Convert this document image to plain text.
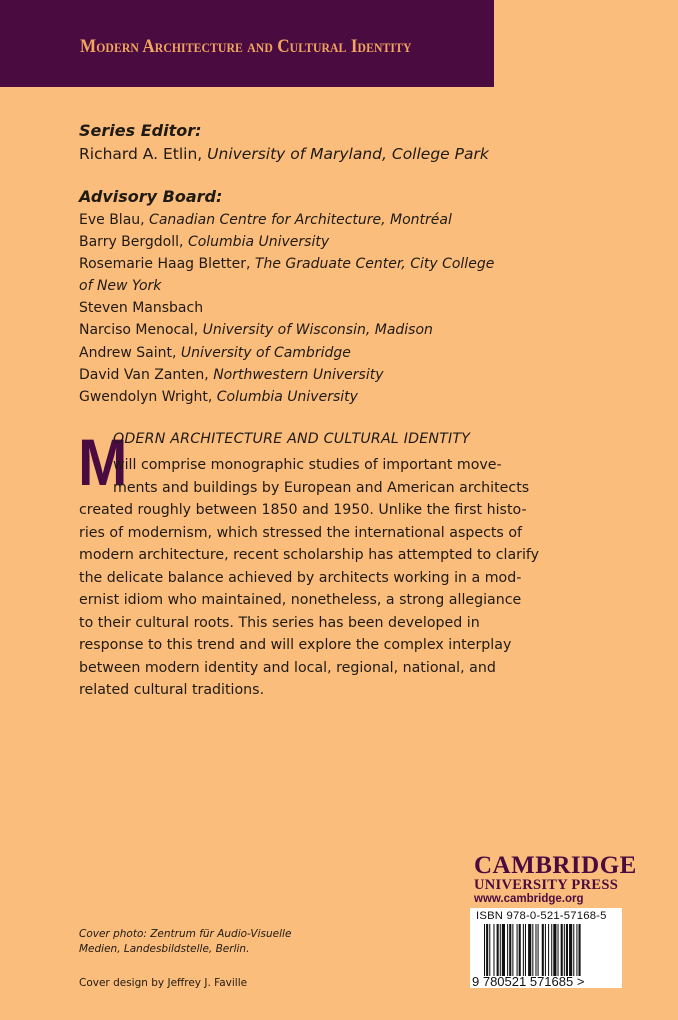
Modern Architecture and Cultural Identity
Series Editor:
Richard A. Etlin, University of Maryland, College Park
Advisory Board:
Eve Blau, Canadian Centre for Architecture, Montréal
Barry Bergdoll, Columbia University
Rosemarie Haag Bletter, The Graduate Center, City College
of New York
Steven Mansbach
Narciso Menocal, University of Wisconsin, Madison
Andrew Saint, University of Cambridge
David Van Zanten, Northwestern University
Gwendolyn Wright, Columbia University
M
ODERN ARCHITECTURE AND CULTURAL IDENTITY
will comprise monographic studies of important move-
ments and buildings by European and American architects
created roughly between 1850 and 1950. Unlike the first histo-
ries of modernism, which stressed the international aspects of
modern architecture, recent scholarship has attempted to clarify
the delicate balance achieved by architects working in a mod-
ernist idiom who maintained, nonetheless, a strong allegiance
to their cultural roots. This series has been developed in
response to this trend and will explore the complex interplay
between modern identity and local, regional, national, and
related cultural traditions.
CAMBRIDGE
UNIVERSITY PRESS
www.cambridge.org
ISBN 978-0-521-57168-5
9 780521 571685 >
Cover photo: Zentrum für Audio-Visuelle
Medien, Landesbildstelle, Berlin.
Cover design by Jeffrey J. Faville
